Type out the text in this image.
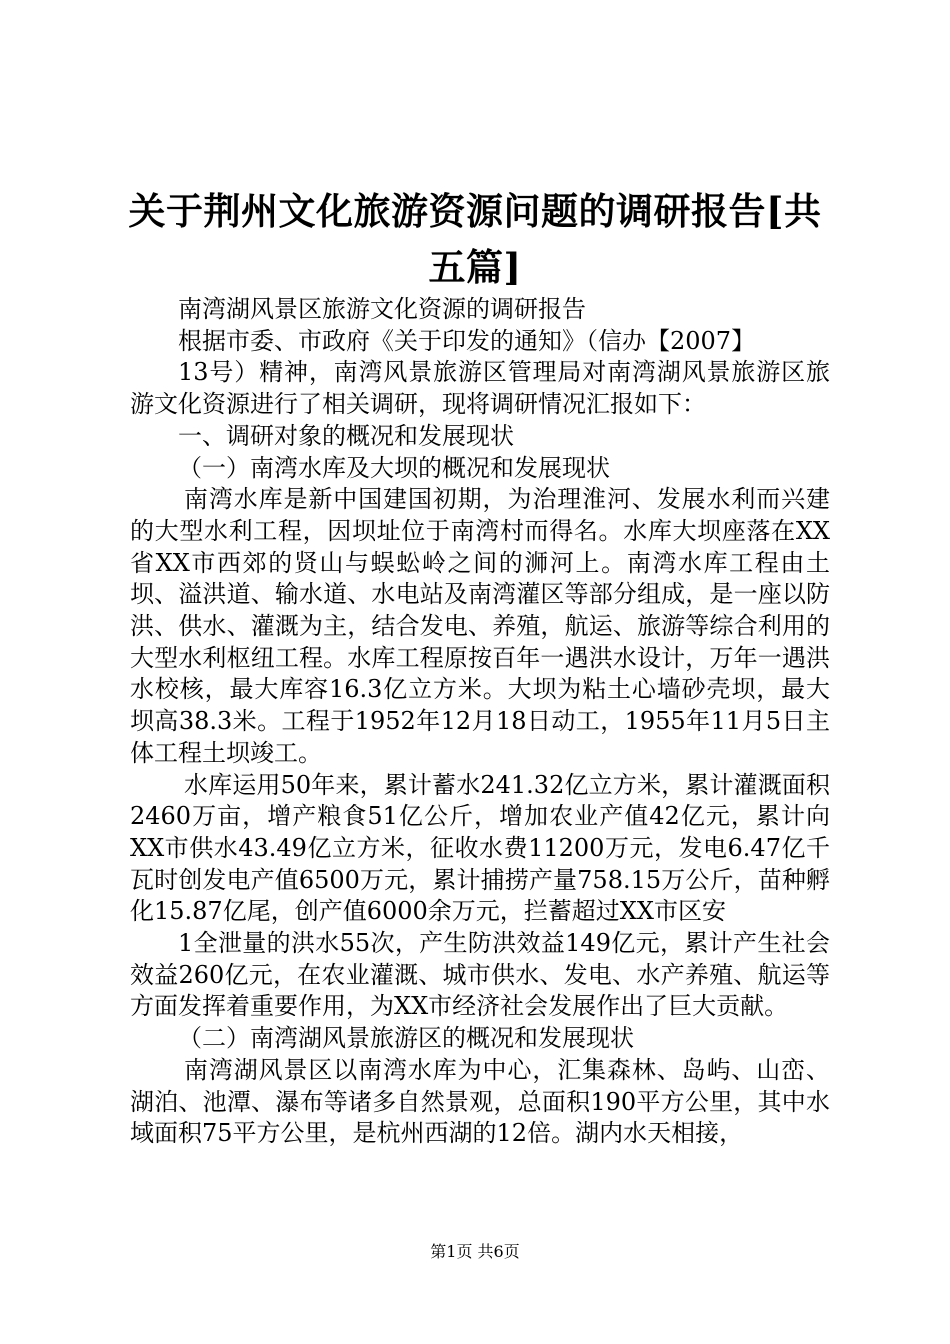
关于荆州文化旅游资源问题的调研报告[共五篇]

南湾湖风景区旅游文化资源的调研报告

根据市委、市政府《关于印发的通知》（信办【2007】

13号）精神，南湾风景旅游区管理局对南湾湖风景旅游区旅游文化资源进行了相关调研，现将调研情况汇报如下：

一、调研对象的概况和发展现状

（一）南湾水库及大坝的概况和发展现状

南湾水库是新中国建国初期，为治理淮河、发展水利而兴建的大型水利工程，因坝址位于南湾村而得名。水库大坝座落在XX省XX市西郊的贤山与蜈蚣岭之间的浉河上。南湾水库工程由土坝、溢洪道、输水道、水电站及南湾灌区等部分组成，是一座以防洪、供水、灌溉为主，结合发电、养殖，航运、旅游等综合利用的大型水利枢纽工程。水库工程原按百年一遇洪水设计，万年一遇洪水校核，最大库容16.3亿立方米。大坝为粘土心墙砂壳坝，最大坝高38.3米。工程于1952年12月18日动工，1955年11月5日主体工程土坝竣工。

水库运用50年来，累计蓄水241.32亿立方米，累计灌溉面积2460万亩，增产粮食51亿公斤，增加农业产值42亿元，累计向XX市供水43.49亿立方米，征收水费11200万元，发电6.47亿千瓦时创发电产值6500万元，累计捕捞产量758.15万公斤，苗种孵化15.87亿尾，创产值6000余万元，拦蓄超过XX市区安

1全泄量的洪水55次，产生防洪效益149亿元，累计产生社会效益260亿元，在农业灌溉、城市供水、发电、水产养殖、航运等方面发挥着重要作用，为XX市经济社会发展作出了巨大贡献。

（二）南湾湖风景旅游区的概况和发展现状

南湾湖风景区以南湾水库为中心，汇集森林、岛屿、山峦、湖泊、池潭、瀑布等诸多自然景观，总面积190平方公里，其中水域面积75平方公里，是杭州西湖的12倍。湖内水天相接，

第1页 共6页
